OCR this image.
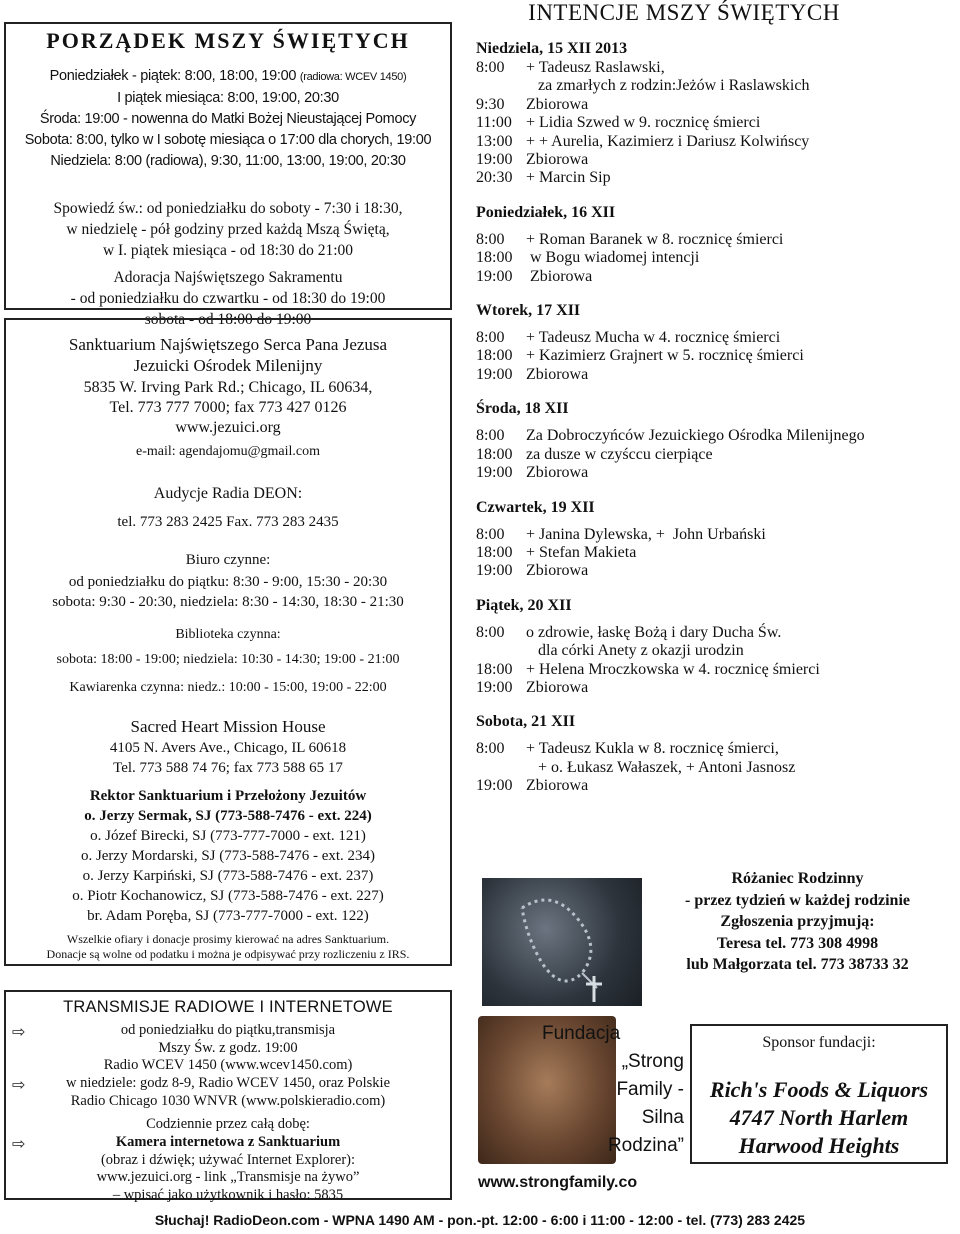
PORZĄDEK MSZY ŚWIĘTYCH
Poniedziałek - piątek: 8:00, 18:00, 19:00 (radiowa: WCEV 1450)
I piątek miesiąca: 8:00, 19:00, 20:30
Środa: 19:00 - nowenna do Matki Bożej Nieustającej Pomocy
Sobota: 8:00, tylko w I sobotę miesiąca o 17:00 dla chorych, 19:00
Niedziela: 8:00 (radiowa), 9:30, 11:00, 13:00, 19:00, 20:30
Spowiedź św.: od poniedziałku do soboty - 7:30 i 18:30,
w niedzielę - pół godziny przed każdą Mszą Świętą,
w I. piątek miesiąca - od 18:30 do 21:00
Adoracja Najświętszego Sakramentu
- od poniedziałku do czwartku - od 18:30 do 19:00
sobota - od 18:00 do 19:00
Sanktuarium Najświętszego Serca Pana Jezusa
Jezuicki Ośrodek Milenijny
5835 W. Irving Park Rd.; Chicago, IL 60634,
Tel. 773 777 7000; fax 773 427 0126
www.jezuici.org
e-mail: agendajomu@gmail.com
Audycje Radia DEON:
tel. 773 283 2425 Fax. 773 283 2435
Biuro czynne:
od poniedziałku do piątku: 8:30 - 9:00, 15:30 - 20:30
sobota: 9:30 - 20:30, niedziela: 8:30 - 14:30, 18:30 - 21:30
Biblioteka czynna:
sobota: 18:00 - 19:00; niedziela: 10:30 - 14:30; 19:00 - 21:00
Kawiarenka czynna: niedz.: 10:00 - 15:00, 19:00 - 22:00
Sacred Heart Mission House
4105 N. Avers Ave., Chicago, IL 60618
Tel. 773 588 74 76; fax 773 588 65 17
Rektor Sanktuarium i Przełożony Jezuitów
o. Jerzy Sermak, SJ (773-588-7476 - ext. 224)
o. Józef Birecki, SJ (773-777-7000 - ext. 121)
o. Jerzy Mordarski, SJ (773-588-7476 - ext. 234)
o. Jerzy Karpiński, SJ (773-588-7476 - ext. 237)
o. Piotr Kochanowicz, SJ (773-588-7476 - ext. 227)
br. Adam Poręba, SJ (773-777-7000 - ext. 122)
Wszelkie ofiary i donacje prosimy kierować na adres Sanktuarium.
Donacje są wolne od podatku i można je odpisywać przy rozliczeniu z IRS.
TRANSMISJE RADIOWE I INTERNETOWE
⇨	od poniedziałku do piątku,transmisja
Mszy Św. z godz. 19:00
Radio WCEV 1450 (www.wcev1450.com)
⇨	w niedziele: godz 8-9, Radio WCEV 1450, oraz Polskie
Radio Chicago 1030 WNVR (www.polskieradio.com)
Codziennie przez całą dobę:
⇨	Kamera internetowa z Sanktuarium
(obraz i dźwięk; używać Internet Explorer):
www.jezuici.org - link „Transmisje na żywo”
– wpisać jako użytkownik i hasło: 5835
INTENCJE MSZY ŚWIĘTYCH
Niedziela, 15 XII 2013
8:00 + Tadeusz Raslawski,
za zmarłych z rodzin:Jeżów i Raslawskich
9:30 Zbiorowa
11:00 + Lidia Szwed w 9. rocznicę śmierci
13:00 + + Aurelia, Kazimierz i Dariusz Kolwińscy
19:00 Zbiorowa
20:30 + Marcin Sip
Poniedziałek, 16 XII
8:00 + Roman Baranek w 8. rocznicę śmierci
18:00 w Bogu wiadomej intencji
19:00 Zbiorowa
Wtorek, 17 XII
8:00 + Tadeusz Mucha w 4. rocznicę śmierci
18:00 + Kazimierz Grajnert w 5. rocznicę śmierci
19:00 Zbiorowa
Środa, 18 XII
8:00 Za Dobroczyńców Jezuickiego Ośrodka Milenijnego
18:00 za dusze w czyśccu cierpiące
19:00 Zbiorowa
Czwartek, 19 XII
8:00 + Janina Dylewska, +  John Urbański
18:00 + Stefan Makieta
19:00 Zbiorowa
Piątek, 20 XII
8:00 o zdrowie, łaskę Bożą i dary Ducha Św.
dla córki Anety z okazji urodzin
18:00 + Helena Mroczkowska w 4. rocznicę śmierci
19:00 Zbiorowa
Sobota, 21 XII
8:00 + Tadeusz Kukla w 8. rocznicę śmierci,
+ o. Łukasz Wałaszek, + Antoni Jasnosz
19:00 Zbiorowa
Różaniec Rodzinny
- przez tydzień w każdej rodzinie
Zgłoszenia przyjmują:
Teresa tel. 773 308 4998
lub Małgorzata tel. 773 38733 32
Fundacja
„Strong
Family -
Silna
Rodzina”
www.strongfamily.co
Sponsor fundacji:
Rich's Foods & Liquors
4747 North Harlem
Harwood Heights
Słuchaj! RadioDeon.com - WPNA 1490 AM - pon.-pt. 12:00 - 6:00 i 11:00 - 12:00 - tel. (773) 283 2425
